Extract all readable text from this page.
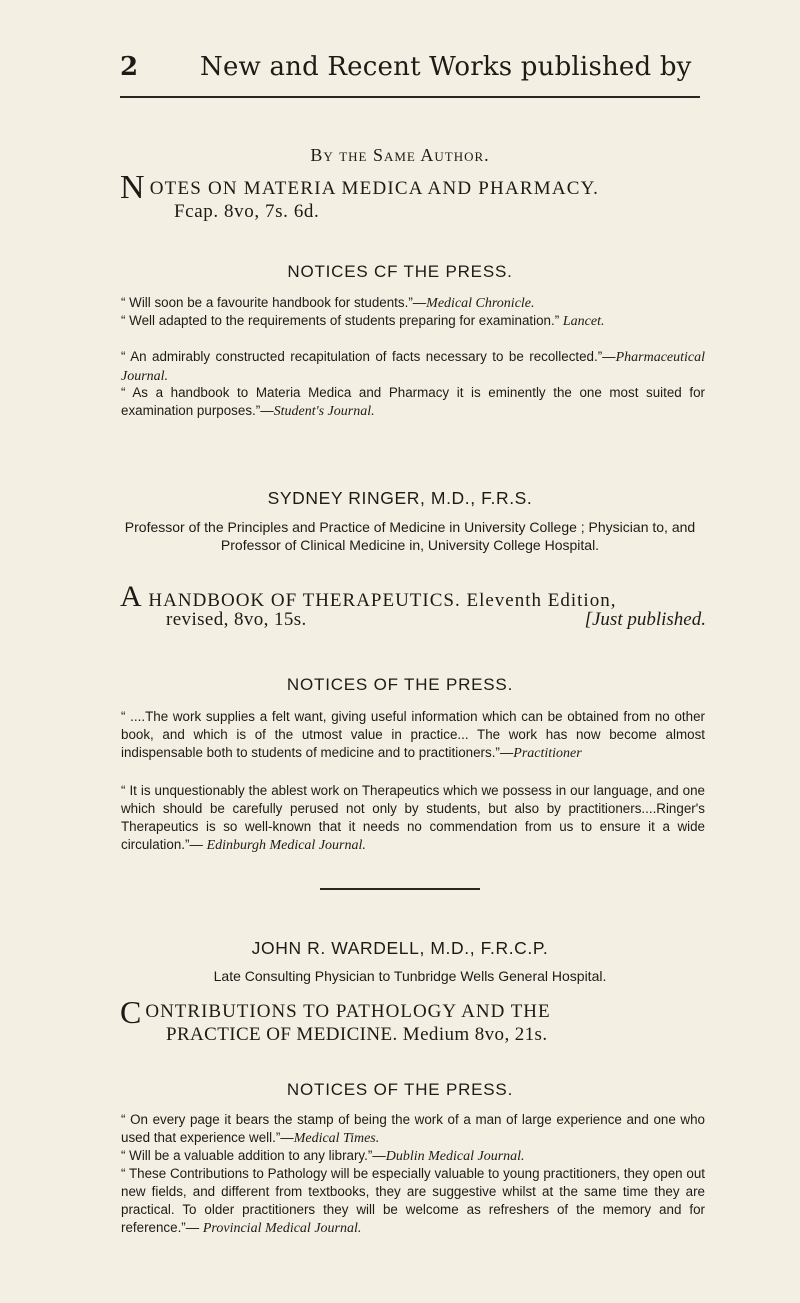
2 New and Recent Works published by
By the Same Author.
NOTES ON MATERIA MEDICA AND PHARMACY.
Fcap. 8vo, 7s. 6d.
NOTICES CF THE PRESS.
“ Will soon be a favourite handbook for students.”—Medical Chronicle.
“ Well adapted to the requirements of students preparing for examination.” Lancet.
“ An admirably constructed recapitulation of facts necessary to be recollected.”—Pharmaceutical Journal.
“ As a handbook to Materia Medica and Pharmacy it is eminently the one most suited for examination purposes.”—Student's Journal.
SYDNEY RINGER, M.D., F.R.S.
Professor of the Principles and Practice of Medicine in University College ; Physician to, and Professor of Clinical Medicine in, University College Hospital.
A HANDBOOK OF THERAPEUTICS. Eleventh Edition,
revised, 8vo, 15s.	[Just published.
NOTICES OF THE PRESS.
“ ....The work supplies a felt want, giving useful information which can be obtained from no other book, and which is of the utmost value in practice... The work has now become almost indispensable both to students of medicine and to practitioners.”—Practitioner
“ It is unquestionably the ablest work on Therapeutics which we possess in our language, and one which should be carefully perused not only by students, but also by practitioners....Ringer's Therapeutics is so well-known that it needs no commendation from us to ensure it a wide circulation.”— Edinburgh Medical Journal.
JOHN R. WARDELL, M.D., F.R.C.P.
Late Consulting Physician to Tunbridge Wells General Hospital.
CONTRIBUTIONS TO PATHOLOGY AND THE
PRACTICE OF MEDICINE. Medium 8vo, 21s.
NOTICES OF THE PRESS.
“ On every page it bears the stamp of being the work of a man of large experience and one who used that experience well.”—Medical Times.
“ Will be a valuable addition to any library.”—Dublin Medical Journal.
“ These Contributions to Pathology will be especially valuable to young practitioners, they open out new fields, and different from textbooks, they are suggestive whilst at the same time they are practical. To older practitioners they will be welcome as refreshers of the memory and for reference.”— Provincial Medical Journal.
